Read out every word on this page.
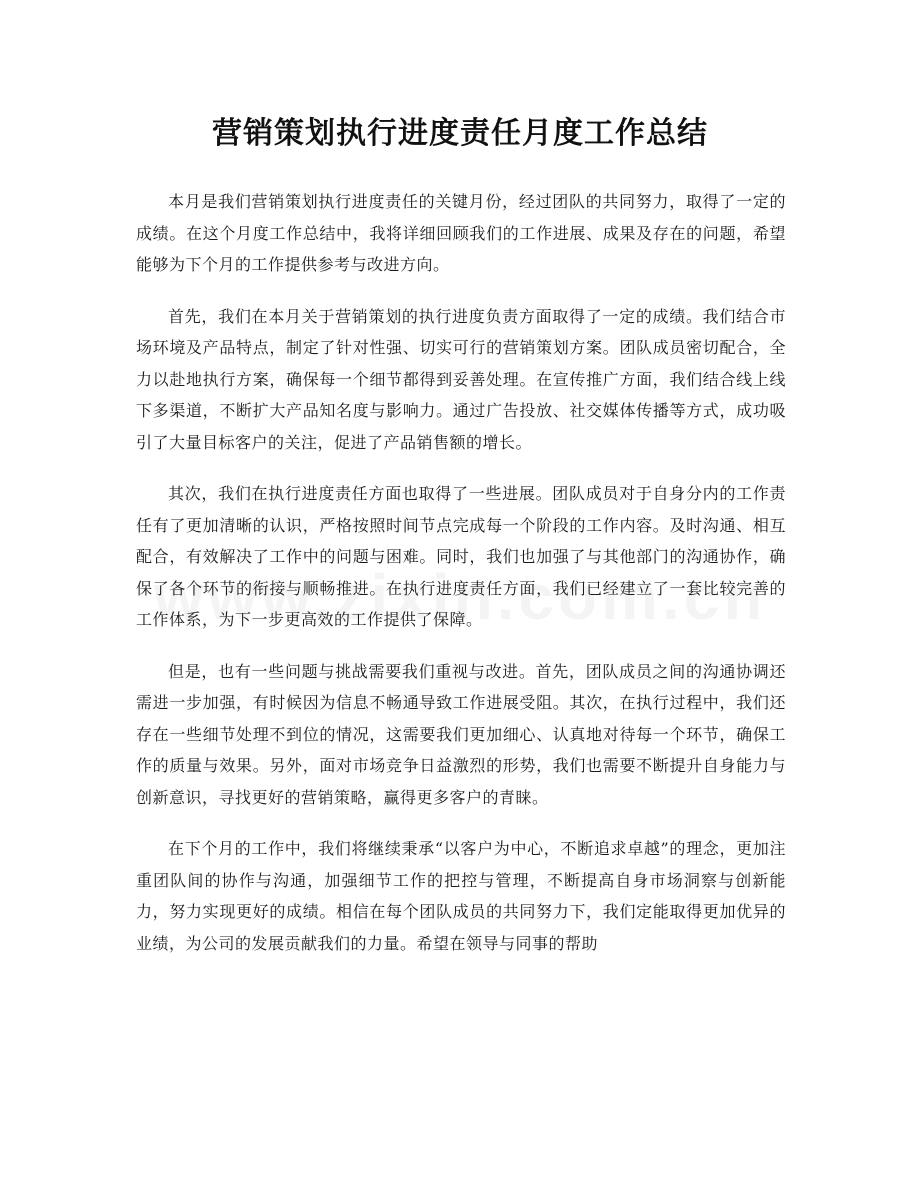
营销策划执行进度责任月度工作总结

本月是我们营销策划执行进度责任的关键月份，经过团队的共同努力，取得了一定的成绩。在这个月度工作总结中，我将详细回顾我们的工作进展、成果及存在的问题，希望能够为下个月的工作提供参考与改进方向。

首先，我们在本月关于营销策划的执行进度负责方面取得了一定的成绩。我们结合市场环境及产品特点，制定了针对性强、切实可行的营销策划方案。团队成员密切配合，全力以赴地执行方案，确保每一个细节都得到妥善处理。在宣传推广方面，我们结合线上线下多渠道，不断扩大产品知名度与影响力。通过广告投放、社交媒体传播等方式，成功吸引了大量目标客户的关注，促进了产品销售额的增长。

其次，我们在执行进度责任方面也取得了一些进展。团队成员对于自身分内的工作责任有了更加清晰的认识，严格按照时间节点完成每一个阶段的工作内容。及时沟通、相互配合，有效解决了工作中的问题与困难。同时，我们也加强了与其他部门的沟通协作，确保了各个环节的衔接与顺畅推进。在执行进度责任方面，我们已经建立了一套比较完善的工作体系，为下一步更高效的工作提供了保障。

但是，也有一些问题与挑战需要我们重视与改进。首先，团队成员之间的沟通协调还需进一步加强，有时候因为信息不畅通导致工作进展受阻。其次，在执行过程中，我们还存在一些细节处理不到位的情况，这需要我们更加细心、认真地对待每一个环节，确保工作的质量与效果。另外，面对市场竞争日益激烈的形势，我们也需要不断提升自身能力与创新意识，寻找更好的营销策略，赢得更多客户的青睐。

在下个月的工作中，我们将继续秉承“以客户为中心，不断追求卓越”的理念，更加注重团队间的协作与沟通，加强细节工作的把控与管理，不断提高自身市场洞察与创新能力，努力实现更好的成绩。相信在每个团队成员的共同努力下，我们定能取得更加优异的业绩，为公司的发展贡献我们的力量。希望在领导与同事的帮助
